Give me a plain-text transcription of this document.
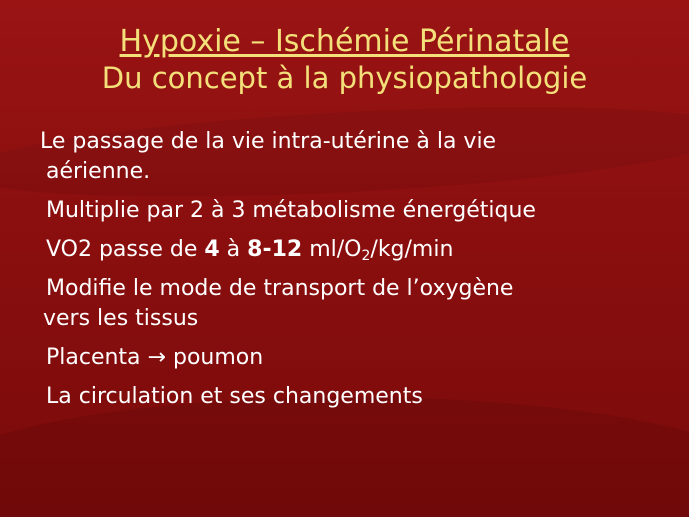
Hypoxie – Ischémie Périnatale
Du concept à la physiopathologie
Le passage de la vie intra-utérine à la vie
aérienne.
Multiplie par 2 à 3 métabolisme énergétique
VO2 passe de 4 à 8-12 $ml/O_2/kg/\min$
Modifie le mode de transport de l’oxygène
vers les tissus
Placenta → poumon
La circulation et ses changements
